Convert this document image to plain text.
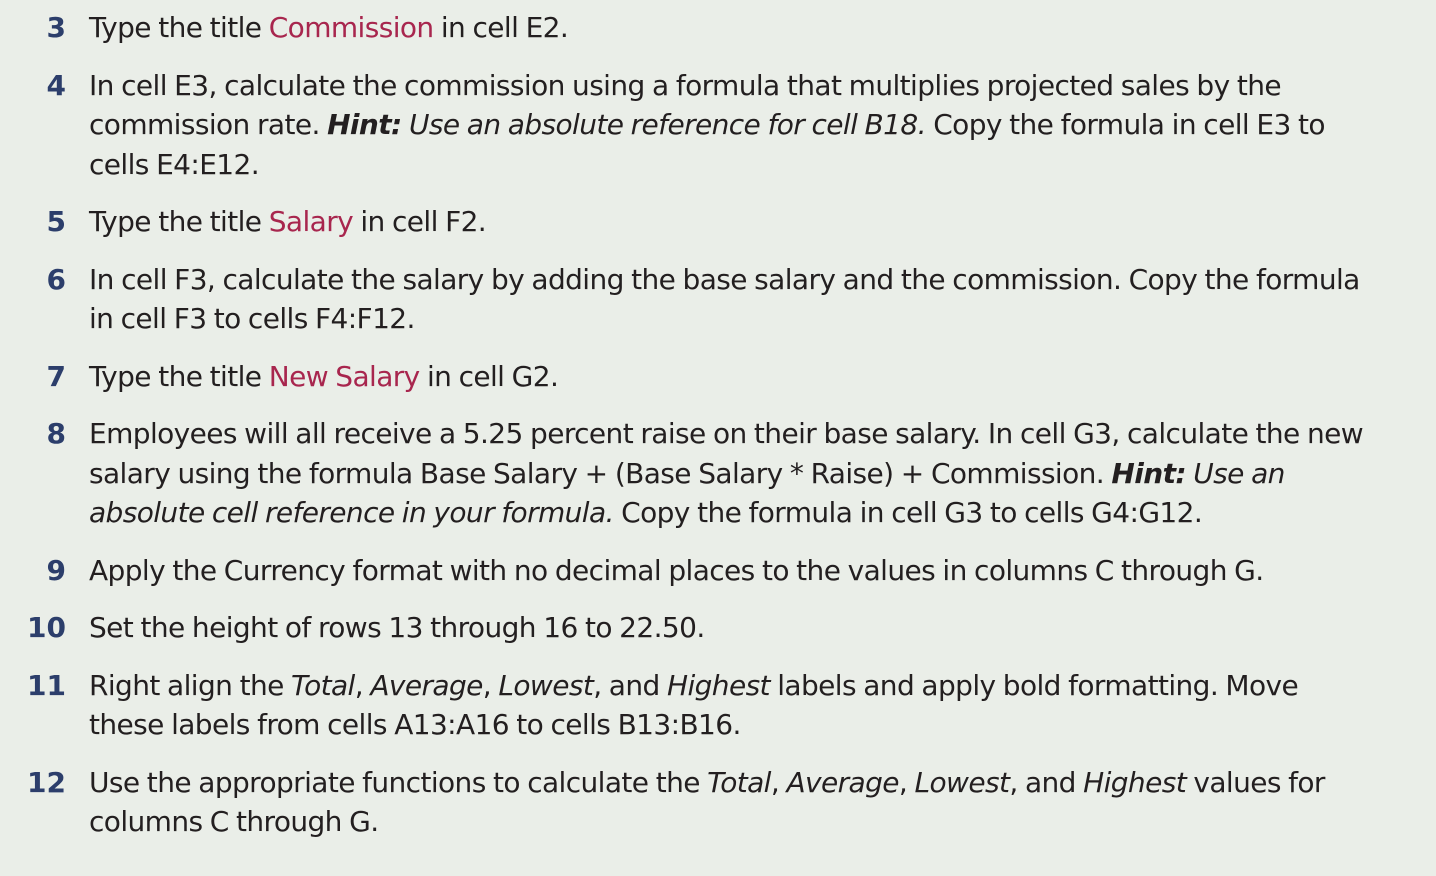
3 Type the title Commission in cell E2.
4 In cell E3, calculate the commission using a formula that multiplies projected sales by the commission rate. Hint: Use an absolute reference for cell B18. Copy the formula in cell E3 to cells E4:E12.
5 Type the title Salary in cell F2.
6 In cell F3, calculate the salary by adding the base salary and the commission. Copy the formula in cell F3 to cells F4:F12.
7 Type the title New Salary in cell G2.
8 Employees will all receive a 5.25 percent raise on their base salary. In cell G3, calculate the new salary using the formula Base Salary + (Base Salary * Raise) + Commission. Hint: Use an absolute cell reference in your formula. Copy the formula in cell G3 to cells G4:G12.
9 Apply the Currency format with no decimal places to the values in columns C through G.
10 Set the height of rows 13 through 16 to 22.50.
11 Right align the Total, Average, Lowest, and Highest labels and apply bold formatting. Move these labels from cells A13:A16 to cells B13:B16.
12 Use the appropriate functions to calculate the Total, Average, Lowest, and Highest values for columns C through G.
